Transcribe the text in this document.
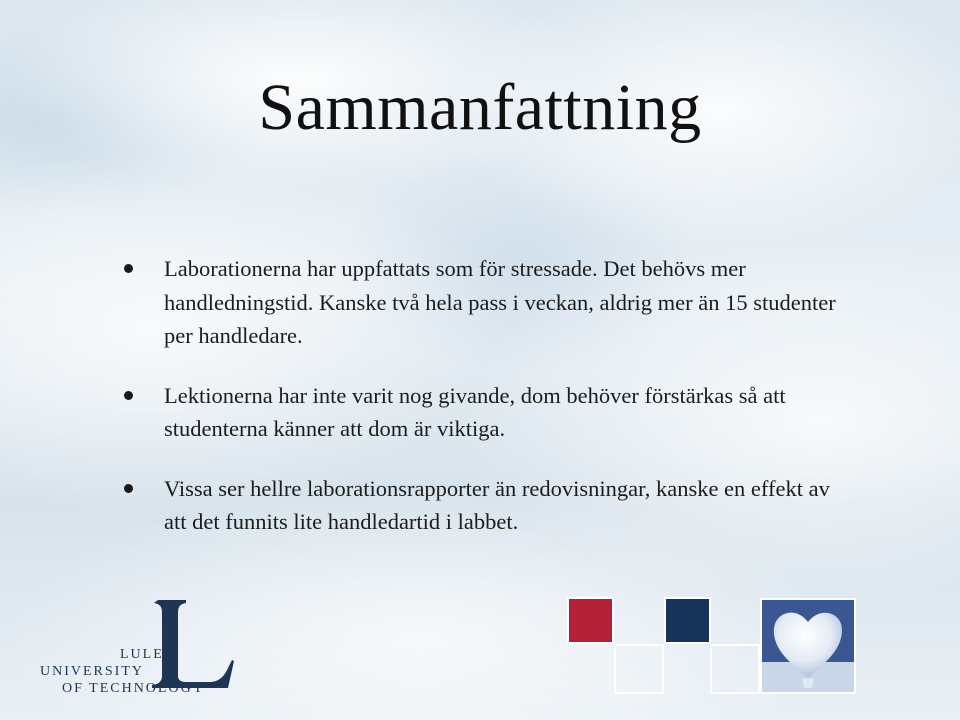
Sammanfattning
Laborationerna har uppfattats som för stressade. Det behövs mer handledningstid. Kanske två hela pass i veckan, aldrig mer än 15 studenter per handledare.
Lektionerna har inte varit nog givande, dom behöver förstärkas så att studenterna känner att dom är viktiga.
Vissa ser hellre laborationsrapporter än redovisningar, kanske en effekt av att det funnits lite handledartid i labbet.
LULEÅ
UNIVERSITY
OF TECHNOLOGY
